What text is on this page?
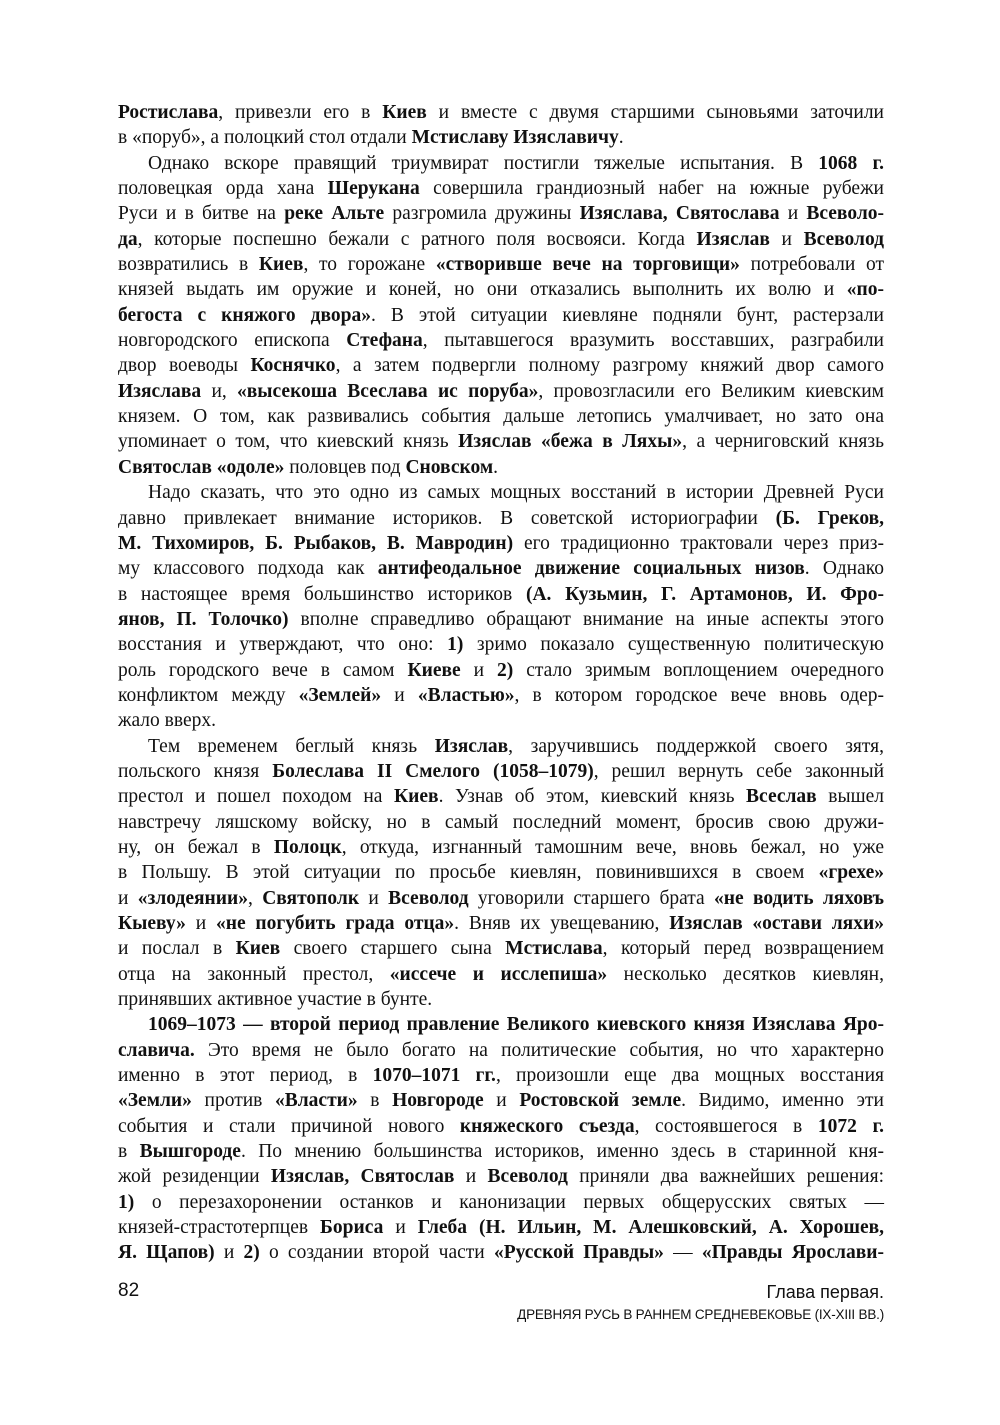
Ростислава, привезли его в Киев и вместе с двумя старшими сыновьями заточили
в «поруб», а полоцкий стол отдали Мстиславу Изяславичу.
Однако вскоре правящий триумвират постигли тяжелые испытания. В 1068 г.
половецкая орда хана Шерукана совершила грандиозный набег на южные рубежи
Руси и в битве на реке Альте разгромила дружины Изяслава, Святослава и Всеволо-
да, которые поспешно бежали с ратного поля восвояси. Когда Изяслав и Всеволод
возвратились в Киев, то горожане «створивше вече на торговищи» потребовали от
князей выдать им оружие и коней, но они отказались выполнить их волю и «по-
бегоста с княжого двора». В этой ситуации киевляне подняли бунт, растерзали
новгородского епископа Стефана, пытавшегося вразумить восставших, разграбили
двор воеводы Коснячко, а затем подвергли полному разгрому княжий двор самого
Изяслава и, «высекоша Всеслава ис поруба», провозгласили его Великим киевским
князем. О том, как развивались события дальше летопись умалчивает, но зато она
упоминает о том, что киевский князь Изяслав «бежа в Ляхы», а черниговский князь
Святослав «одоле» половцев под Сновском.
Надо сказать, что это одно из самых мощных восстаний в истории Древней Руси
давно привлекает внимание историков. В советской историографии (Б. Греков,
М. Тихомиров, Б. Рыбаков, В. Мавродин) его традиционно трактовали через приз-
му классового подхода как антифеодальное движение социальных низов. Однако
в настоящее время большинство историков (А. Кузьмин, Г. Артамонов, И. Фро-
янов, П. Толочко) вполне справедливо обращают внимание на иные аспекты этого
восстания и утверждают, что оно: 1) зримо показало существенную политическую
роль городского вече в самом Киеве и 2) стало зримым воплощением очередного
конфликтом между «Землей» и «Властью», в котором городское вече вновь одер-
жало вверх.
Тем временем беглый князь Изяслав, заручившись поддержкой своего зятя,
польского князя Болеслава II Смелого (1058–1079), решил вернуть себе законный
престол и пошел походом на Киев. Узнав об этом, киевский князь Всеслав вышел
навстречу ляшскому войску, но в самый последний момент, бросив свою дружи-
ну, он бежал в Полоцк, откуда, изгнанный тамошним вече, вновь бежал, но уже
в Польшу. В этой ситуации по просьбе киевлян, повинившихся в своем «грехе»
и «злодеянии», Святополк и Всеволод уговорили старшего брата «не водить ляховъ
Кыеву» и «не погубить града отца». Вняв их увещеванию, Изяслав «остави ляхи»
и послал в Киев своего старшего сына Мстислава, который перед возвращением
отца на законный престол, «иссече и исслепиша» несколько десятков киевлян,
принявших активное участие в бунте.
1069–1073 — второй период правление Великого киевского князя Изяслава Яро-
славича. Это время не было богато на политические события, но что характерно
именно в этот период, в 1070–1071 гг., произошли еще два мощных восстания
«Земли» против «Власти» в Новгороде и Ростовской земле. Видимо, именно эти
события и стали причиной нового княжеского съезда, состоявшегося в 1072 г.
в Вышгороде. По мнению большинства историков, именно здесь в старинной кня-
жой резиденции Изяслав, Святослав и Всеволод приняли два важнейших решения:
1) о перезахоронении останков и канонизации первых общерусских святых —
князей-страстотерпцев Бориса и Глеба (Н. Ильин, М. Алешковский, А. Хорошев,
Я. Щапов) и 2) о создании второй части «Русской Правды» — «Правды Ярослави-
82	Глава первая.
ДРЕВНЯЯ РУСЬ В РАННЕМ СРЕДНЕВЕКОВЬЕ (IX-XIII ВВ.)
